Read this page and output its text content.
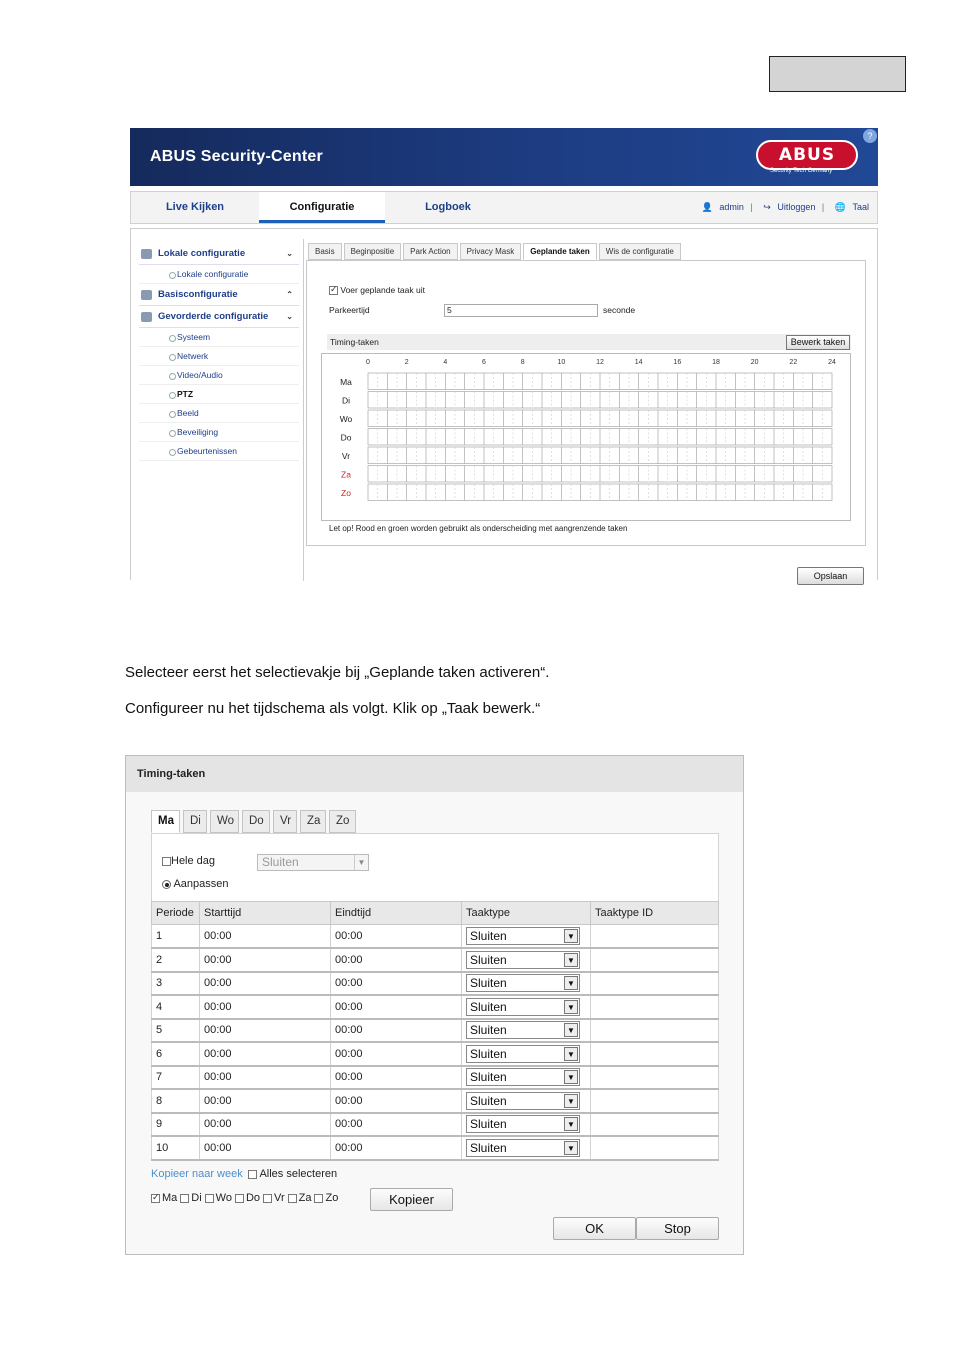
ABUS Security-Center	ABUS
Security Tech Germany
?
Live Kijken	Configuratie	Logboek	👤 admin | ↪ Uitloggen | 🌐 Taal
Lokale configuratie	⌄
Lokale configuratie
Basisconfiguratie	⌃
Gevorderde configuratie ⌄
Systeem
Netwerk
Video/Audio
PTZ
Beeld
Beveiliging
Gebeurtenissen
Basis	Beginpositie	Park Action	Privacy Mask	Geplande taken	Wis de configuratie
✓ Voer geplande taak uit
Parkeertijd	5	seconde
Timing-taken	Bewerk taken
0	2	4	6	8	10	12	14	16	18	20	22	24
Ma
Di
Wo
Do
Vr
Za
Zo
Let op! Rood en groen worden gebruikt als onderscheiding met aangrenzende taken
Opslaan
Selecteer eerst het selectievakje bij „Geplande taken activeren“.
Configureer nu het tijdschema als volgt. Klik op „Taak bewerk.“
Timing-taken
Ma	Di	Wo	Do	Vr	Za	Zo
Hele dag	Sluiten	▼
Aanpassen
Periode	Starttijd	Eindtijd	Taaktype	Taaktype ID
1	00:00	00:00	Sluiten ▼	

2	00:00	00:00	Sluiten ▼	

3	00:00	00:00	Sluiten ▼	

4	00:00	00:00	Sluiten ▼	

5	00:00	00:00	Sluiten ▼	

6	00:00	00:00	Sluiten ▼	

7	00:00	00:00	Sluiten ▼	

8	00:00	00:00	Sluiten ▼	

9	00:00	00:00	Sluiten ▼	

10	00:00	00:00	Sluiten ▼	

Kopieer naar week	Alles selecteren
✓
Ma Di Wo Do Vr Za Zo	Kopieer
OK	Stop
